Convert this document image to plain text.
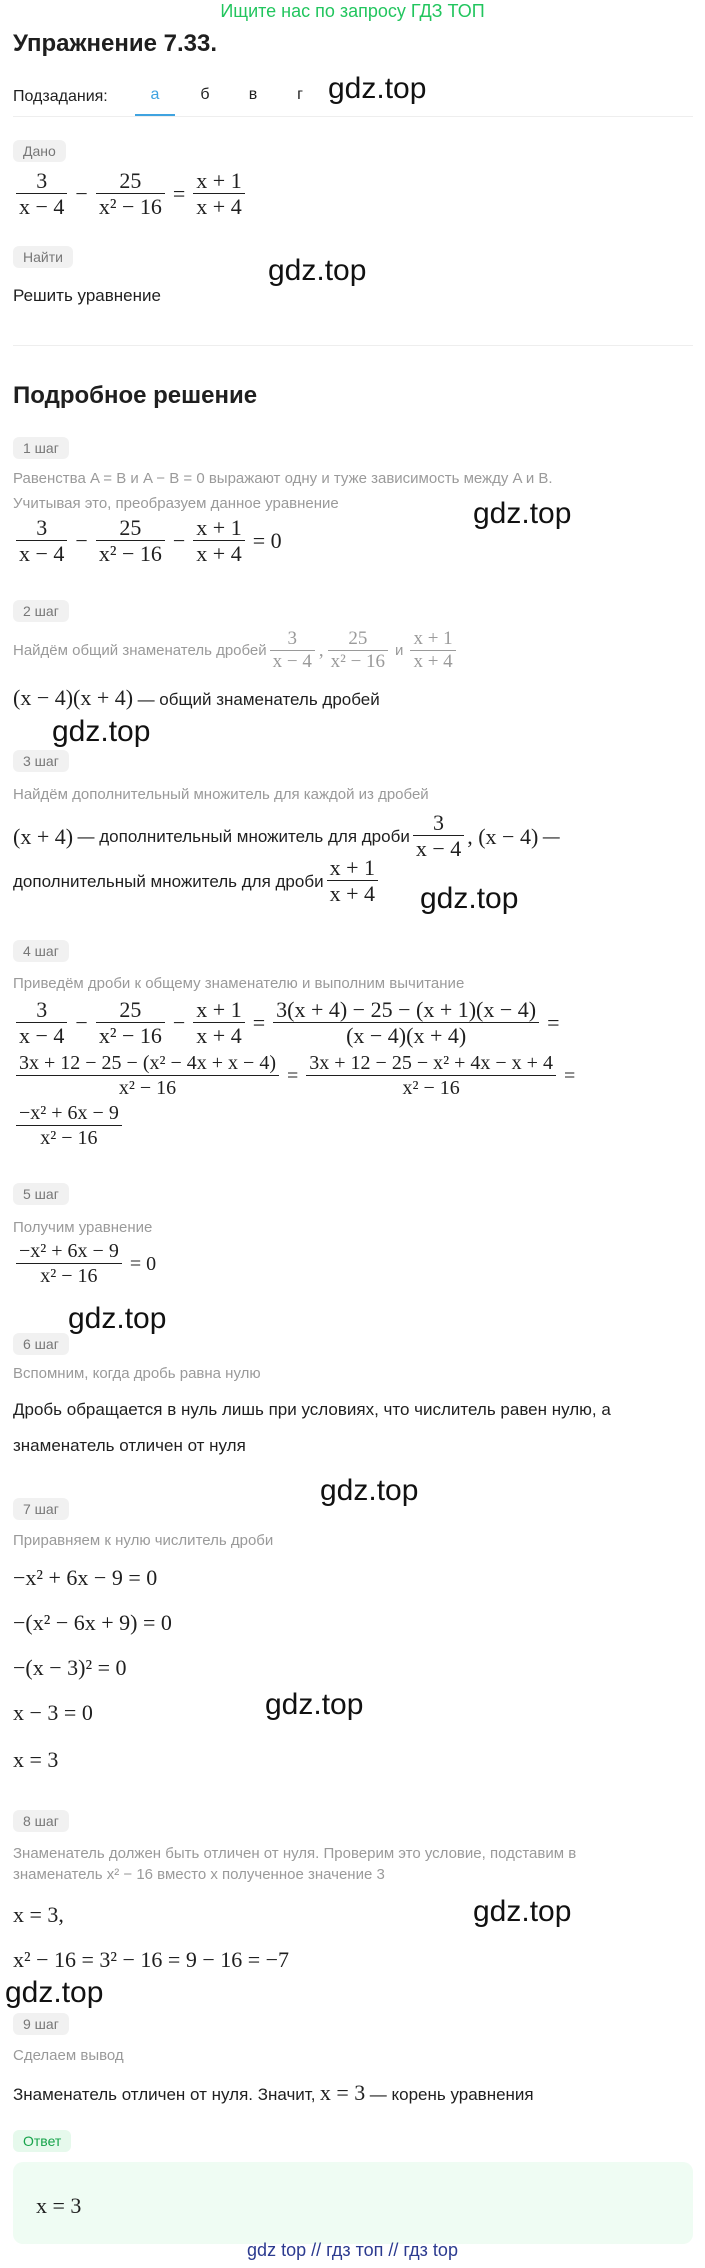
Ищите нас по запросу ГДЗ ТОП
Упражнение 7.33.
Подзадания:	а	б	в	г gdz.top
Дано
$\frac{3}{x - 4} - \frac{25}{\text{x² − 16}} = \frac{x + 1}{x + 4}$
Найти	gdz.top
Решить уравнение
Подробное решение
1 шаг
Равенства A = B и A − B = 0 выражают одну и туже зависимость между A и B.
Учитывая это, преобразуем данное уравнение	gdz.top
$\frac{3}{x - 4} - \frac{25}{\text{x² − 16}} - \frac{x + 1}{x + 4} = 0$
2 шаг
Найдём общий знаменатель дробей $\frac{3}{x - 4}$ , $\frac{25}{\text{x² − 16}}$ и $\frac{x + 1}{x + 4}$
(x − 4)(x + 4) — общий знаменатель дробей
gdz.top
3 шаг
Найдём дополнительный множитель для каждой из дробей
(x + 4) — дополнительный множитель для дроби $\frac{3}{x - 4}$ , (x − 4) —
дополнительный множитель для дроби $\frac{x + 1}{x + 4} gdz.top$
4 шаг
Приведём дроби к общему знаменателю и выполним вычитание
$\frac{3}{x - 4} - \frac{25}{\text{x² − 16}} - \frac{x + 1}{x + 4} = \frac{3(x + 4) - 25 - (x + 1)(x - 4)}{(x - 4)(x + 4)}$ =
$\frac{\text{3x + 12 − 25 − (x² − 4x + x − 4)}}{\text{x² − 16}} = \frac{\text{3x + 12 − 25 − x² + 4x − x + 4}}{\text{x² − 16}}$ =
$\frac{\text{−x² + 6x − 9}}{\text{x² − 16}}$
5 шаг
Получим уравнение
$\frac{\text{−x² + 6x − 9}}{\text{x² − 16}} = 0$
gdz.top
6 шаг
Вспомним, когда дробь равна нулю
Дробь обращается в нуль лишь при условиях, что числитель равен нулю, а
знаменатель отличен от нуля
gdz.top
7 шаг
Приравняем к нулю числитель дроби
−x² + 6x − 9 = 0
−(x² − 6x + 9) = 0
−(x − 3)² = 0
gdz.top
x − 3 = 0
x = 3
8 шаг
Знаменатель должен быть отличен от нуля. Проверим это условие, подставим в
знаменатель x² − 16 вместо x полученное значение 3
x = 3,	gdz.top
x² − 16 = 3² − 16 = 9 − 16 = −7
gdz.top
9 шаг
Сделаем вывод
Знаменатель отличен от нуля. Значит, x = 3 — корень уравнения
Ответ
x = 3
gdz top // гдз топ // гдз top
